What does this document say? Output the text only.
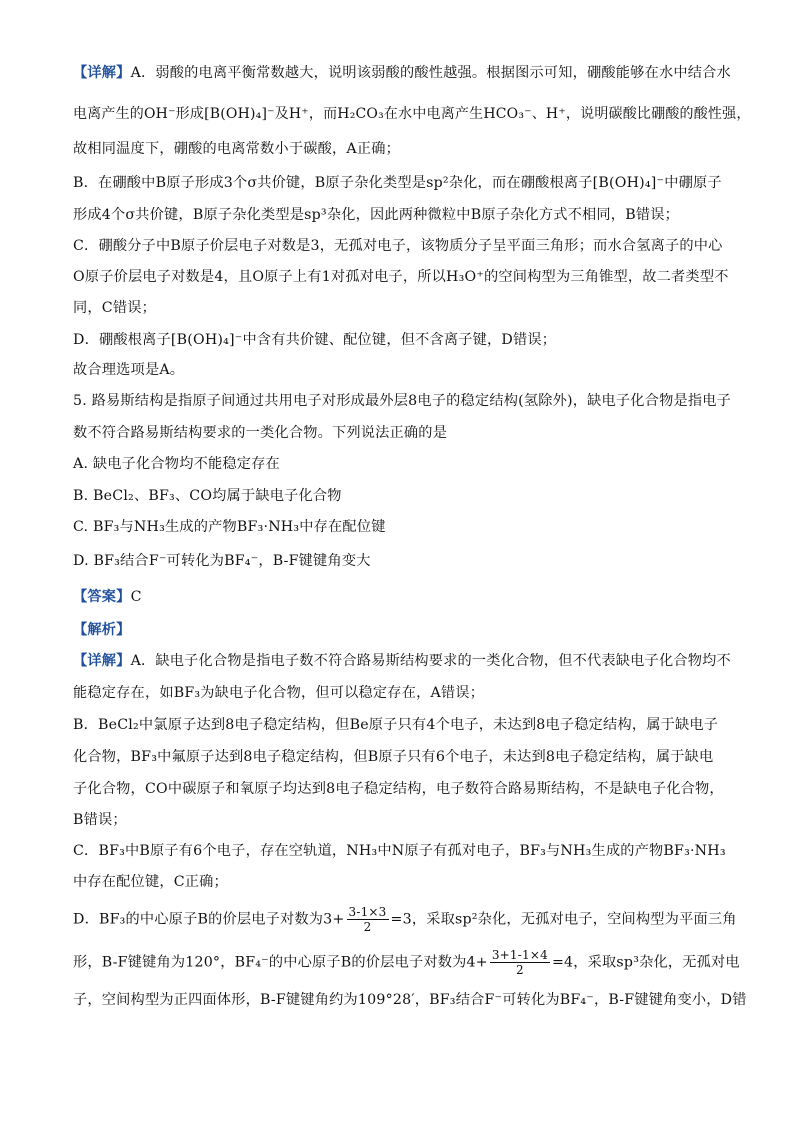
【详解】A．弱酸的电离平衡常数越大，说明该弱酸的酸性越强。根据图示可知，硼酸能够在水中结合水
电离产生的OH⁻形成[B(OH)₄]⁻及H⁺，而H₂CO₃在水中电离产生HCO₃⁻、H⁺，说明碳酸比硼酸的酸性强，
故相同温度下，硼酸的电离常数小于碳酸，A正确；
B．在硼酸中B原子形成3个σ共价键，B原子杂化类型是sp²杂化，而在硼酸根离子[B(OH)₄]⁻中硼原子
形成4个σ共价键，B原子杂化类型是sp³杂化，因此两种微粒中B原子杂化方式不相同，B错误；
C．硼酸分子中B原子价层电子对数是3，无孤对电子，该物质分子呈平面三角形；而水合氢离子的中心
O原子价层电子对数是4，且O原子上有1对孤对电子，所以H₃O⁺的空间构型为三角锥型，故二者类型不
同，C错误；
D．硼酸根离子[B(OH)₄]⁻中含有共价键、配位键，但不含离子键，D错误；
故合理选项是A。
5. 路易斯结构是指原子间通过共用电子对形成最外层8电子的稳定结构(氢除外)，缺电子化合物是指电子
数不符合路易斯结构要求的一类化合物。下列说法正确的是
A. 缺电子化合物均不能稳定存在
B. BeCl₂、BF₃、CO均属于缺电子化合物
C. BF₃与NH₃生成的产物BF₃·NH₃中存在配位键
D. BF₃结合F⁻可转化为BF₄⁻，B-F键键角变大
【答案】C
【解析】
【详解】A．缺电子化合物是指电子数不符合路易斯结构要求的一类化合物，但不代表缺电子化合物均不
能稳定存在，如BF₃为缺电子化合物，但可以稳定存在，A错误；
B．BeCl₂中氯原子达到8电子稳定结构，但Be原子只有4个电子，未达到8电子稳定结构，属于缺电子
化合物，BF₃中氟原子达到8电子稳定结构，但B原子只有6个电子，未达到8电子稳定结构，属于缺电
子化合物，CO中碳原子和氧原子均达到8电子稳定结构，电子数符合路易斯结构，不是缺电子化合物，
B错误；
C．BF₃中B原子有6个电子，存在空轨道，NH₃中N原子有孤对电子，BF₃与NH₃生成的产物BF₃·NH₃
中存在配位键，C正确；
D．BF₃的中心原子B的价层电子对数为$3+ \frac{3-1\times 3}{2} =3$，采取sp²杂化，无孤对电子，空间构型为平面三角
形，B-F键键角为120°，BF₄⁻的中心原子B的价层电子对数为$4+ \frac{3+1-1\times 4}{2} =4$，采取sp³杂化，无孤对电
子，空间构型为正四面体形，B-F键键角约为109°28′，BF₃结合F⁻可转化为BF₄⁻，B-F键键角变小，D错
